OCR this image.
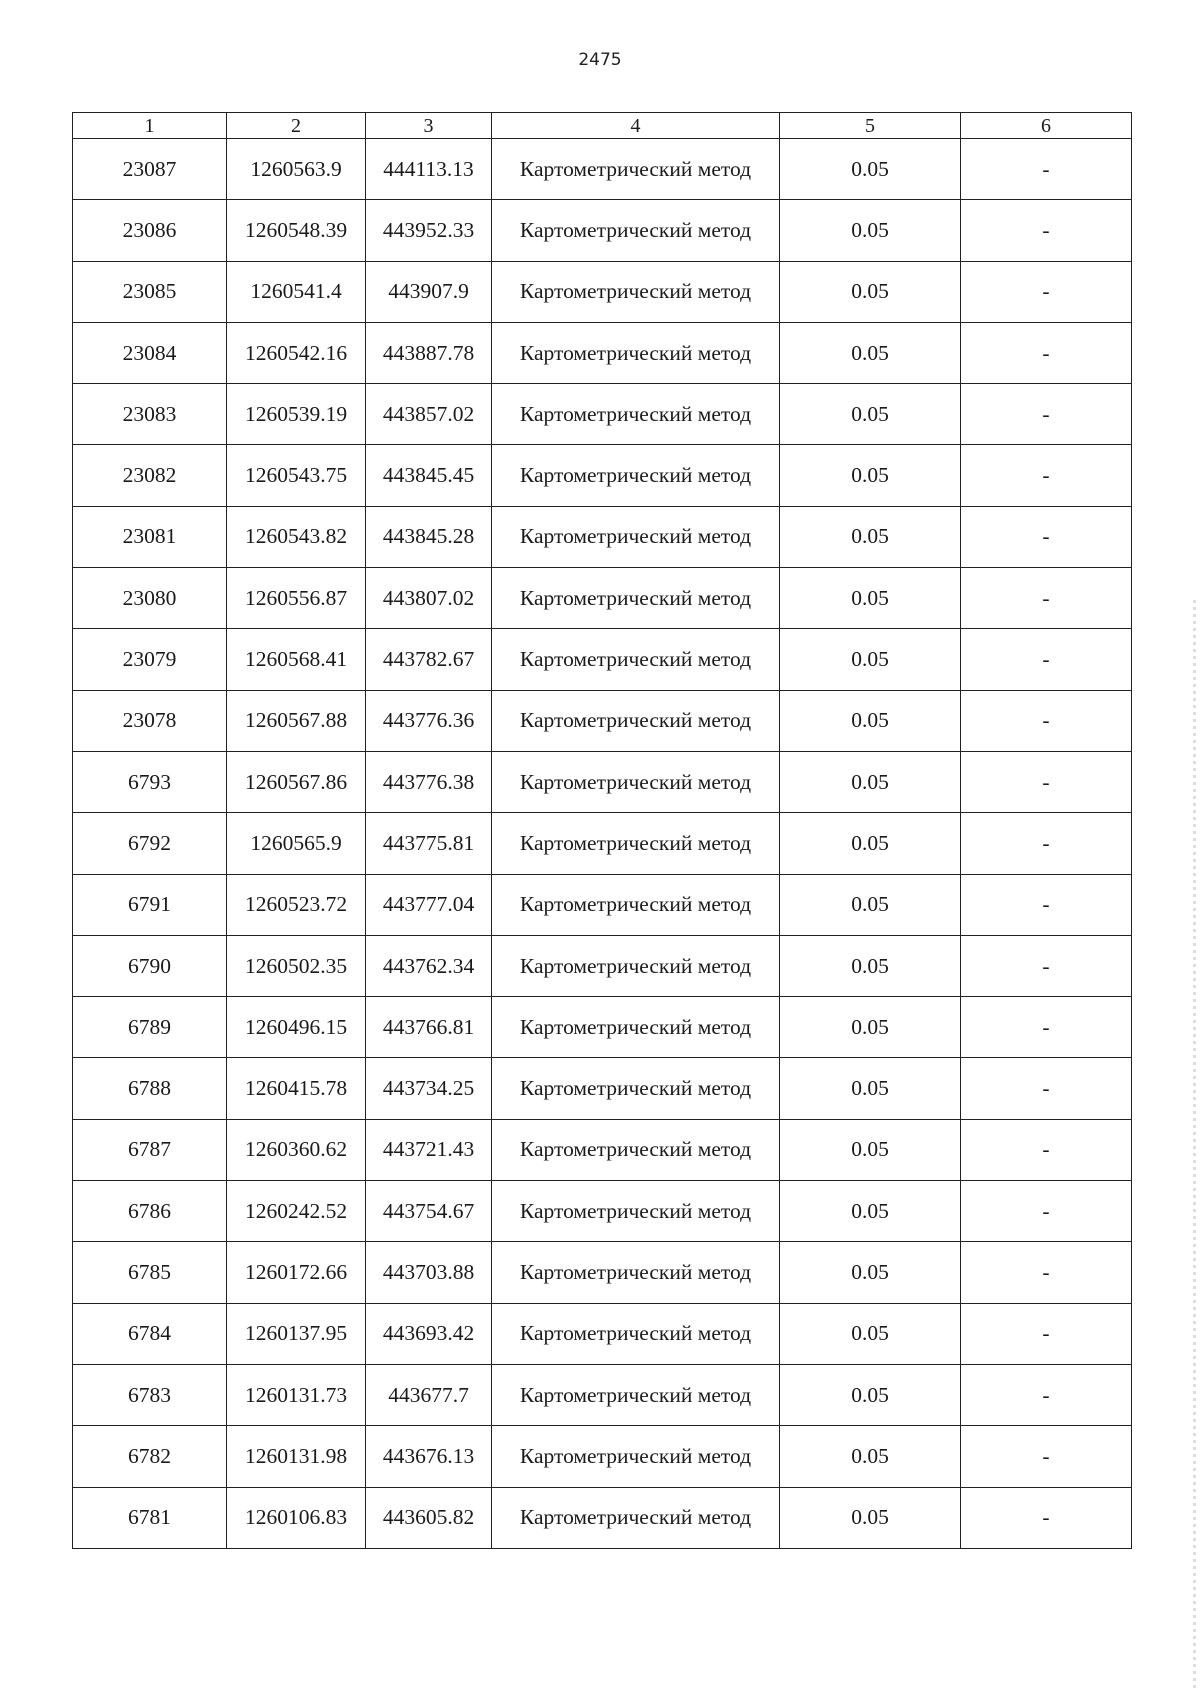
2475
1	2	3	4	5	6
23087	1260563.9	444113.13	Картометрический метод	0.05	-
23086	1260548.39	443952.33	Картометрический метод	0.05	-
23085	1260541.4	443907.9	Картометрический метод	0.05	-
23084	1260542.16	443887.78	Картометрический метод	0.05	-
23083	1260539.19	443857.02	Картометрический метод	0.05	-
23082	1260543.75	443845.45	Картометрический метод	0.05	-
23081	1260543.82	443845.28	Картометрический метод	0.05	-
23080	1260556.87	443807.02	Картометрический метод	0.05	-
23079	1260568.41	443782.67	Картометрический метод	0.05	-
23078	1260567.88	443776.36	Картометрический метод	0.05	-
6793	1260567.86	443776.38	Картометрический метод	0.05	-
6792	1260565.9	443775.81	Картометрический метод	0.05	-
6791	1260523.72	443777.04	Картометрический метод	0.05	-
6790	1260502.35	443762.34	Картометрический метод	0.05	-
6789	1260496.15	443766.81	Картометрический метод	0.05	-
6788	1260415.78	443734.25	Картометрический метод	0.05	-
6787	1260360.62	443721.43	Картометрический метод	0.05	-
6786	1260242.52	443754.67	Картометрический метод	0.05	-
6785	1260172.66	443703.88	Картометрический метод	0.05	-
6784	1260137.95	443693.42	Картометрический метод	0.05	-
6783	1260131.73	443677.7	Картометрический метод	0.05	-
6782	1260131.98	443676.13	Картометрический метод	0.05	-
6781	1260106.83	443605.82	Картометрический метод	0.05	-
